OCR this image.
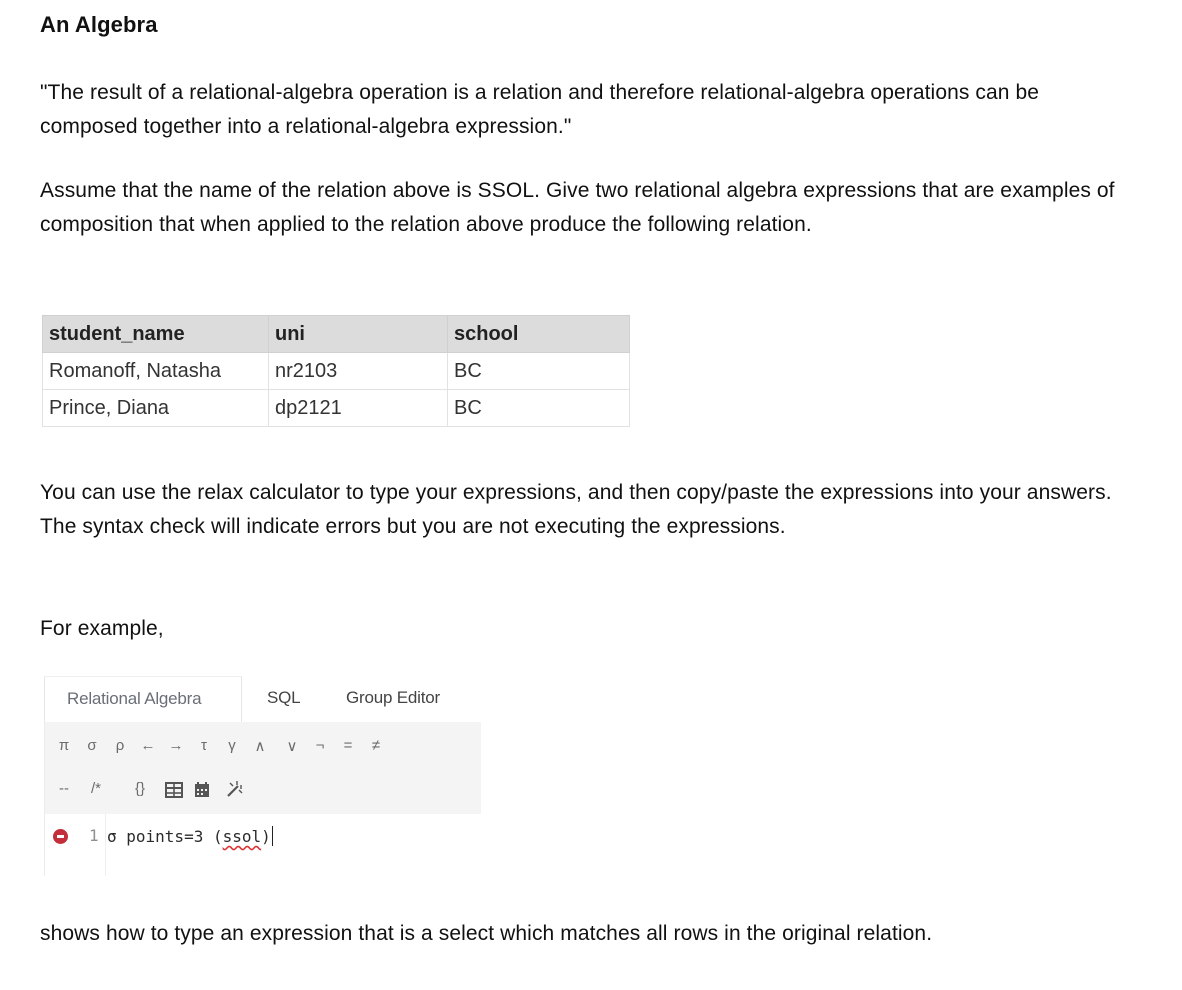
An Algebra
"The result of a relational-algebra operation is a relation and therefore relational-algebra operations can be composed together into a relational-algebra expression."
Assume that the name of the relation above is SSOL. Give two relational algebra expressions that are examples of composition that when applied to the relation above produce the following relation.
student_name	uni	school
Romanoff, Natasha	nr2103	BC
Prince, Diana	dp2121	BC
You can use the relax calculator to type your expressions, and then copy/paste the expressions into your answers. The syntax check will indicate errors but you are not executing the expressions.
For example,
shows how to type an expression that is a select which matches all rows in the original relation.
Relational Algebra	SQL	Group Editor
π	σ	ρ	← →	τ	γ	∧	∨	¬	=	≠
--	/*	{}
1 σ points=3 (ssol)
